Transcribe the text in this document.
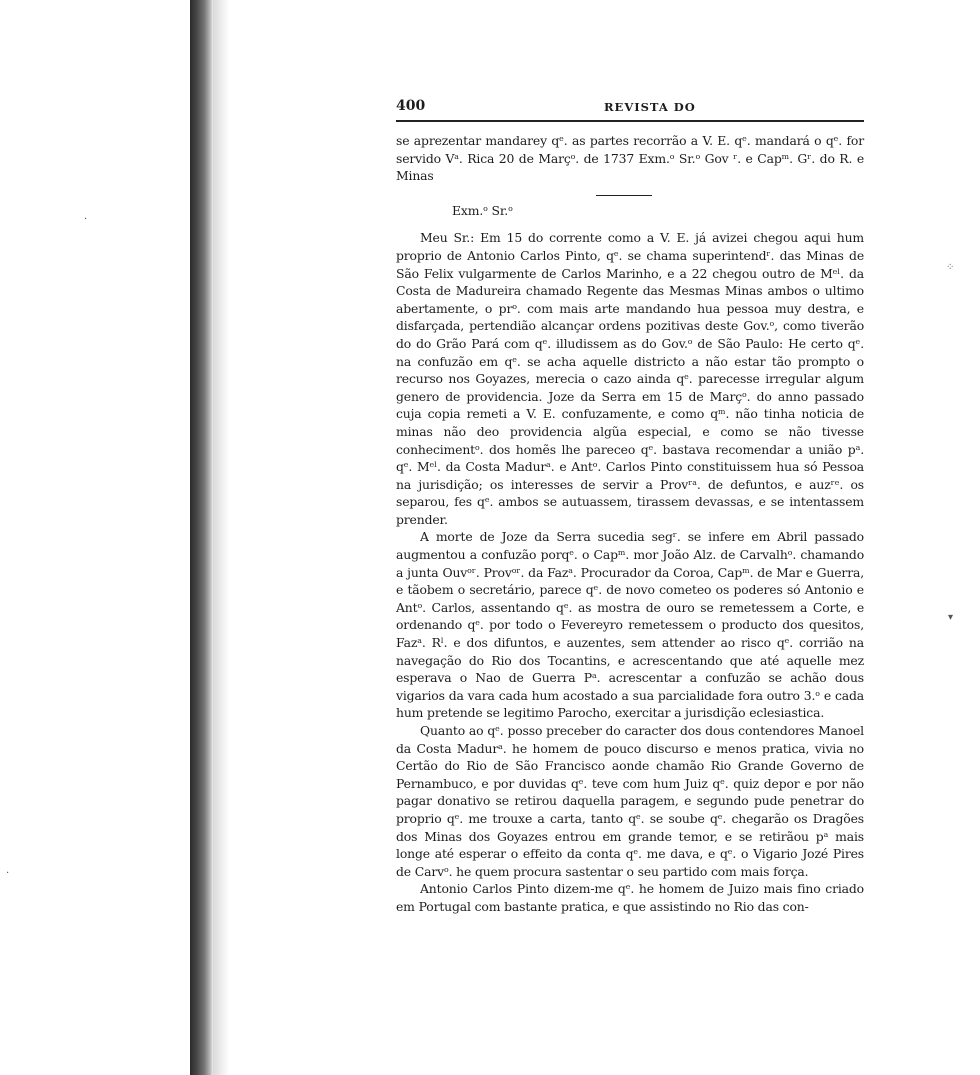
·
⁘
▾
·
400	REVISTA DO

se aprezentar mandarey qᵉ. as partes recorrão a V. E. qᵉ. mandará o qᵉ. for servido Vᵃ. Rica 20 de Marçᵒ. de 1737 Exm.ᵒ Sr.ᵒ Gov ʳ. e Capᵐ. Gʳ. do R. e Minas

Exm.ᵒ Sr.ᵒ

Meu Sr.: Em 15 do corrente como a V. E. já avizei chegou aqui hum proprio de Antonio Carlos Pinto, qᵉ. se chama superintendʳ. das Minas de São Felix vulgarmente de Carlos Marinho, e a 22 chegou outro de Mᵉˡ. da Costa de Madureira chamado Regente das Mesmas Minas ambos o ultimo abertamente, o prᵒ. com mais arte mandando hua pessoa muy destra, e disfarçada, pertendião alcançar ordens pozitivas deste Gov.ᵒ, como tiverão do do Grão Pará com qᵉ. illudissem as do Gov.ᵒ de São Paulo: He certo qᵉ. na confuzão em qᵉ. se acha aquelle districto a não estar tão prompto o recurso nos Goyazes, merecia o cazo ainda qᵉ. parecesse irregular algum genero de providencia. Joze da Serra em 15 de Marçᵒ. do anno passado cuja copia remeti a V. E. confuzamente, e como qᵐ. não tinha noticia de minas não deo providencia algũa especial, e como se não tivesse conhecimentᵒ. dos homẽs lhe pareceo qᵉ. bastava recomendar a união pᵃ. qᵉ. Mᵉˡ. da Costa Madurᵃ. e Antᵒ. Carlos Pinto constituissem hua só Pessoa na jurisdição; os interesses de servir a Provʳᵃ. de defuntos, e auzʳᵉ. os separou, fes qᵉ. ambos se autuassem, tirassem devassas, e se intentassem prender.

A morte de Joze da Serra sucedia segʳ. se infere em Abril passado augmentou a confuzão porqᵉ. o Capᵐ. mor João Alz. de Carvalhᵒ. chamando a junta Ouvᵒʳ. Provᵒʳ. da Fazᵃ. Procurador da Coroa, Capᵐ. de Mar e Guerra, e tãobem o secretário, parece qᵉ. de novo cometeo os poderes só Antonio e Antᵒ. Carlos, assentando qᵉ. as mostra de ouro se remetessem a Corte, e ordenando qᵉ. por todo o Fevereyro remetessem o producto dos quesitos, Fazᵃ. Rˡ. e dos difuntos, e auzentes, sem attender ao risco qᵉ. corrião na navegação do Rio dos Tocantins, e acrescentando que até aquelle mez esperava o Nao de Guerra Pᵃ. acrescentar a confuzão se achão dous vigarios da vara cada hum acostado a sua parcialidade fora outro 3.ᵒ e cada hum pretende se legitimo Parocho, exercitar a jurisdição eclesiastica.

Quanto ao qᵉ. posso preceber do caracter dos dous contendores Manoel da Costa Madurᵃ. he homem de pouco discurso e menos pratica, vivia no Certão do Rio de São Francisco aonde chamão Rio Grande Governo de Pernambuco, e por duvidas qᵉ. teve com hum Juiz qᵉ. quiz depor e por não pagar donativo se retirou daquella paragem, e segundo pude penetrar do proprio qᵉ. me trouxe a carta, tanto qᵉ. se soube qᵉ. chegarão os Dragões dos Minas dos Goyazes entrou em grande temor, e se retirãou pᵃ mais longe até esperar o effeito da conta qᵉ. me dava, e qᵉ. o Vigario Jozé Pires de Carvᵒ. he quem procura sastentar o seu partido com mais força.

Antonio Carlos Pinto dizem-me qᵉ. he homem de Juizo mais fino criado em Portugal com bastante pratica, e que assistindo no Rio das con-
